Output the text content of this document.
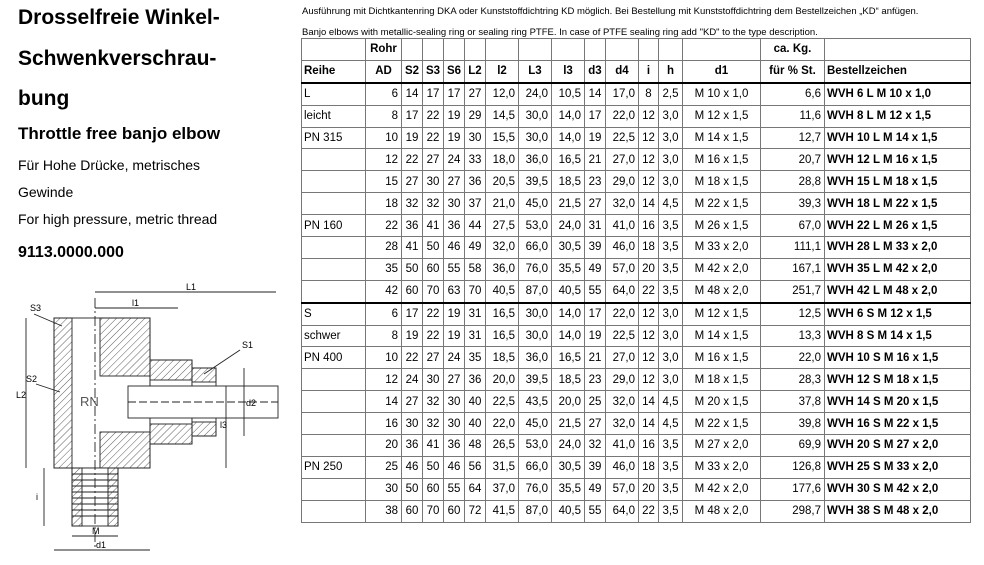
Drosselfreie Winkel-
Schwenkverschrau-
bung
Throttle free banjo elbow
Für Hohe Drücke, metrisches
Gewinde
For high pressure, metric thread
9113.0000.000
S3	l1
L1
S1
S2
RN
L2
i
M
d1
l3
d2
Ausführung mit Dichtkantenring DKA oder Kunststoffdichtring KD möglich. Bei Bestellung mit Kunststoffdichtring dem Bestellzeichen „KD“ anfügen.
Banjo elbows with metallic-sealing ring or sealing ring PTFE. In case of PTFE sealing ring add "KD" to the type description.
	Rohr													ca. Kg.	
Reihe	AD	S2	S3	S6	L2	l2	L3	l3	d3	d4	i	h	d1	für % St.	Bestellzeichen
L	6	14	17	17	27	12,0	24,0	10,5	14	17,0	8	2,5	M 10 x 1,0	6,6	WVH 6 L M 10 x 1,0
leicht	8	17	22	19	29	14,5	30,0	14,0	17	22,0	12	3,0	M 12 x 1,5	11,6	WVH 8 L M 12 x 1,5
PN 315	10	19	22	19	30	15,5	30,0	14,0	19	22,5	12	3,0	M 14 x 1,5	12,7	WVH 10 L M 14 x 1,5
	12	22	27	24	33	18,0	36,0	16,5	21	27,0	12	3,0	M 16 x 1,5	20,7	WVH 12 L M 16 x 1,5
	15	27	30	27	36	20,5	39,5	18,5	23	29,0	12	3,0	M 18 x 1,5	28,8	WVH 15 L M 18 x 1,5
	18	32	32	30	37	21,0	45,0	21,5	27	32,0	14	4,5	M 22 x 1,5	39,3	WVH 18 L M 22 x 1,5
PN 160	22	36	41	36	44	27,5	53,0	24,0	31	41,0	16	3,5	M 26 x 1,5	67,0	WVH 22 L M 26 x 1,5
	28	41	50	46	49	32,0	66,0	30,5	39	46,0	18	3,5	M 33 x 2,0	111,1	WVH 28 L M 33 x 2,0
	35	50	60	55	58	36,0	76,0	35,5	49	57,0	20	3,5	M 42 x 2,0	167,1	WVH 35 L M 42 x 2,0
	42	60	70	63	70	40,5	87,0	40,5	55	64,0	22	3,5	M 48 x 2,0	251,7	WVH 42 L M 48 x 2,0
S	6	17	22	19	31	16,5	30,0	14,0	17	22,0	12	3,0	M 12 x 1,5	12,5	WVH 6 S M 12 x 1,5
schwer	8	19	22	19	31	16,5	30,0	14,0	19	22,5	12	3,0	M 14 x 1,5	13,3	WVH 8 S M 14 x 1,5
PN 400	10	22	27	24	35	18,5	36,0	16,5	21	27,0	12	3,0	M 16 x 1,5	22,0	WVH 10 S M 16 x 1,5
	12	24	30	27	36	20,0	39,5	18,5	23	29,0	12	3,0	M 18 x 1,5	28,3	WVH 12 S M 18 x 1,5
	14	27	32	30	40	22,5	43,5	20,0	25	32,0	14	4,5	M 20 x 1,5	37,8	WVH 14 S M 20 x 1,5
	16	30	32	30	40	22,0	45,0	21,5	27	32,0	14	4,5	M 22 x 1,5	39,8	WVH 16 S M 22 x 1,5
	20	36	41	36	48	26,5	53,0	24,0	32	41,0	16	3,5	M 27 x 2,0	69,9	WVH 20 S M 27 x 2,0
PN 250	25	46	50	46	56	31,5	66,0	30,5	39	46,0	18	3,5	M 33 x 2,0	126,8	WVH 25 S M 33 x 2,0
	30	50	60	55	64	37,0	76,0	35,5	49	57,0	20	3,5	M 42 x 2,0	177,6	WVH 30 S M 42 x 2,0
	38	60	70	60	72	41,5	87,0	40,5	55	64,0	22	3,5	M 48 x 2,0	298,7	WVH 38 S M 48 x 2,0
